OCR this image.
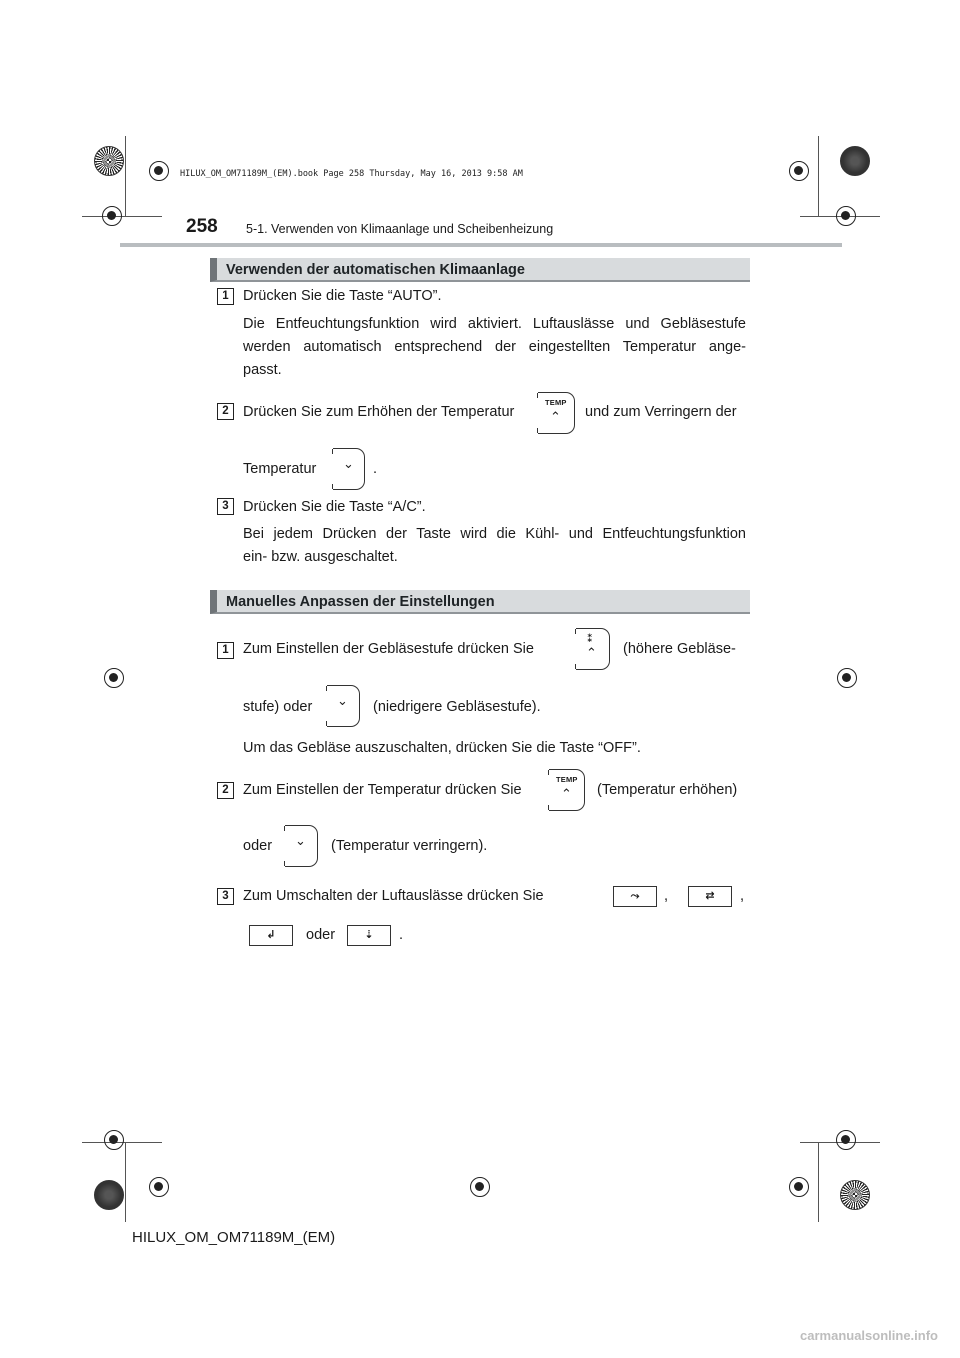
HILUX_OM_OM71189M_(EM).book Page 258 Thursday, May 16, 2013 9:58 AM
258 5-1. Verwenden von Klimaanlage und Scheibenheizung
Verwenden der automatischen Klimaanlage
1 Drücken Sie die Taste “AUTO”.
Die Entfeuchtungsfunktion wird aktiviert. Luftauslässe und Gebläsestufe
werden automatisch entsprechend der eingestellten Temperatur ange-
passt.
2 Drücken Sie zum Erhöhen der Temperatur
TEMP
⌃ und zum Verringern der
Temperatur ⌄ .
3 Drücken Sie die Taste “A/C”.
Bei jedem Drücken der Taste wird die Kühl- und Entfeuchtungsfunktion
ein- bzw. ausgeschaltet.
Manuelles Anpassen der Einstellungen
1 Zum Einstellen der Gebläsestufe drücken Sie
⁑
⌃ (höhere Gebläse-
stufe) oder ⌄ (niedrigere Gebläsestufe).
Um das Gebläse auszuschalten, drücken Sie die Taste “OFF”.
2 Zum Einstellen der Temperatur drücken Sie
TEMP
⌃ (Temperatur erhöhen)
oder ⌄ (Temperatur verringern).
3 Zum Umschalten der Luftauslässe drücken Sie	⤳	,	⇄	,
↲	oder	⇣	.
HILUX_OM_OM71189M_(EM)
carmanualsonline.info
